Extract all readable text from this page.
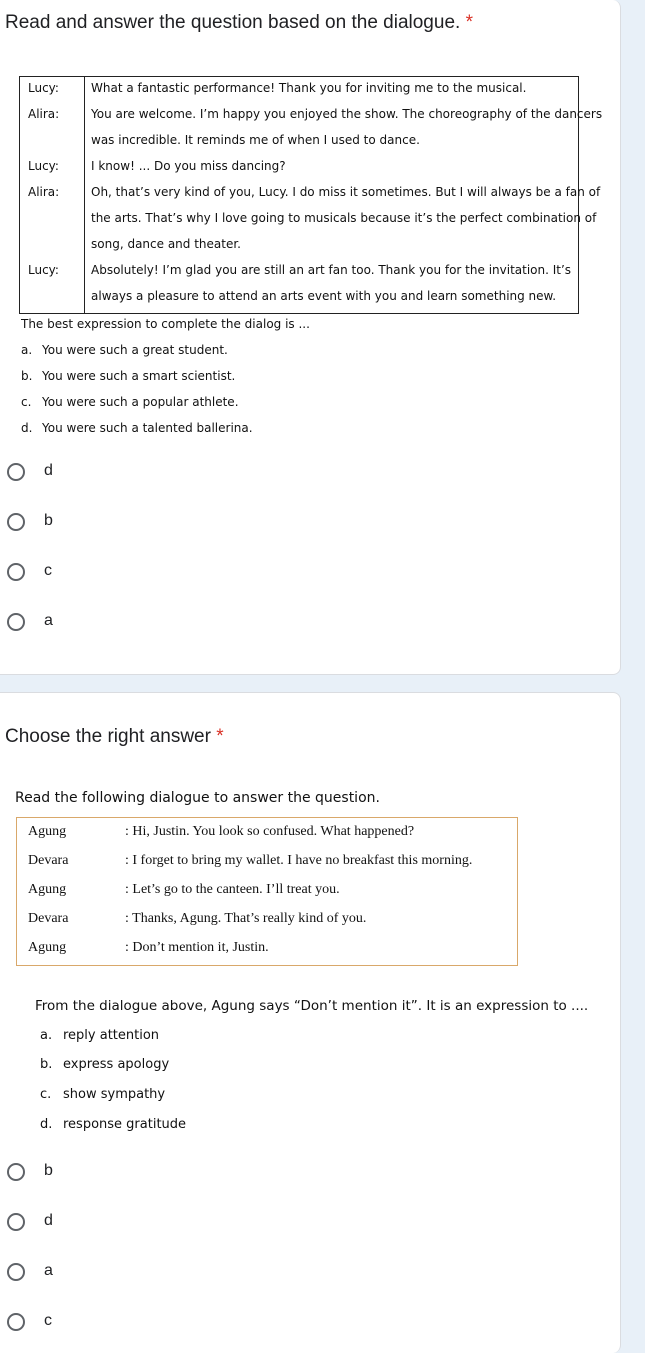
Read and answer the question based on the dialogue. *
Lucy:	What a fantastic performance! Thank you for inviting me to the musical.
Alira:	You are welcome. I’m happy you enjoyed the show. The choreography of the dancers
was incredible. It reminds me of when I used to dance.
Lucy:	I know! ... Do you miss dancing?
Alira:	Oh, that’s very kind of you, Lucy. I do miss it sometimes. But I will always be a fan of
the arts. That’s why I love going to musicals because it’s the perfect combination of
song, dance and theater.
Lucy:	Absolutely! I’m glad you are still an art fan too. Thank you for the invitation. It’s
always a pleasure to attend an arts event with you and learn something new.
The best expression to complete the dialog is ...
a. You were such a great student.
b. You were such a smart scientist.
c. You were such a popular athlete.
d. You were such a talented ballerina.
d
b
c
a
Choose the right answer *
Read the following dialogue to answer the question.
Agung	: Hi, Justin. You look so confused. What happened?
Devara	: I forget to bring my wallet. I have no breakfast this morning.
Agung	: Let’s go to the canteen. I’ll treat you.
Devara	: Thanks, Agung. That’s really kind of you.
Agung	: Don’t mention it, Justin.
From the dialogue above, Agung says “Don’t mention it”. It is an expression to ....
a. reply attention
b. express apology
c. show sympathy
d. response gratitude
b
d
a
c
